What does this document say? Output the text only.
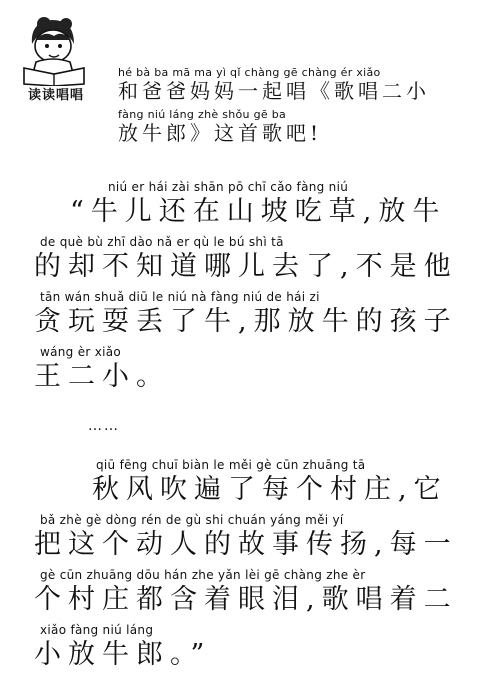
读读唱唱
hé bà ba mā ma yì qǐ chàng gē chàng ér xiǎo
和爸爸妈妈一起唱《歌唱二小
fàng niú láng zhè shǒu gē ba
放牛郎》这首歌吧!
niú er hái zài shān pō chī cǎo fàng niú
“牛儿还在山坡吃草,放牛
de què bù zhī dào nǎ er qù le bú shì tā
的却不知道哪儿去了,不是他
tān wán shuǎ diū le niú nà fàng niú de hái zi
贪玩耍丢了牛,那放牛的孩子
wáng èr xiǎo
王二小。
……
qiū fēng chuī biàn le měi gè cūn zhuāng tā
秋风吹遍了每个村庄,它
bǎ zhè gè dòng rén de gù shi chuán yáng měi yí
把这个动人的故事传扬,每一
gè cūn zhuāng dōu hán zhe yǎn lèi gē chàng zhe èr
个村庄都含着眼泪,歌唱着二
xiǎo fàng niú láng
小放牛郎。”
